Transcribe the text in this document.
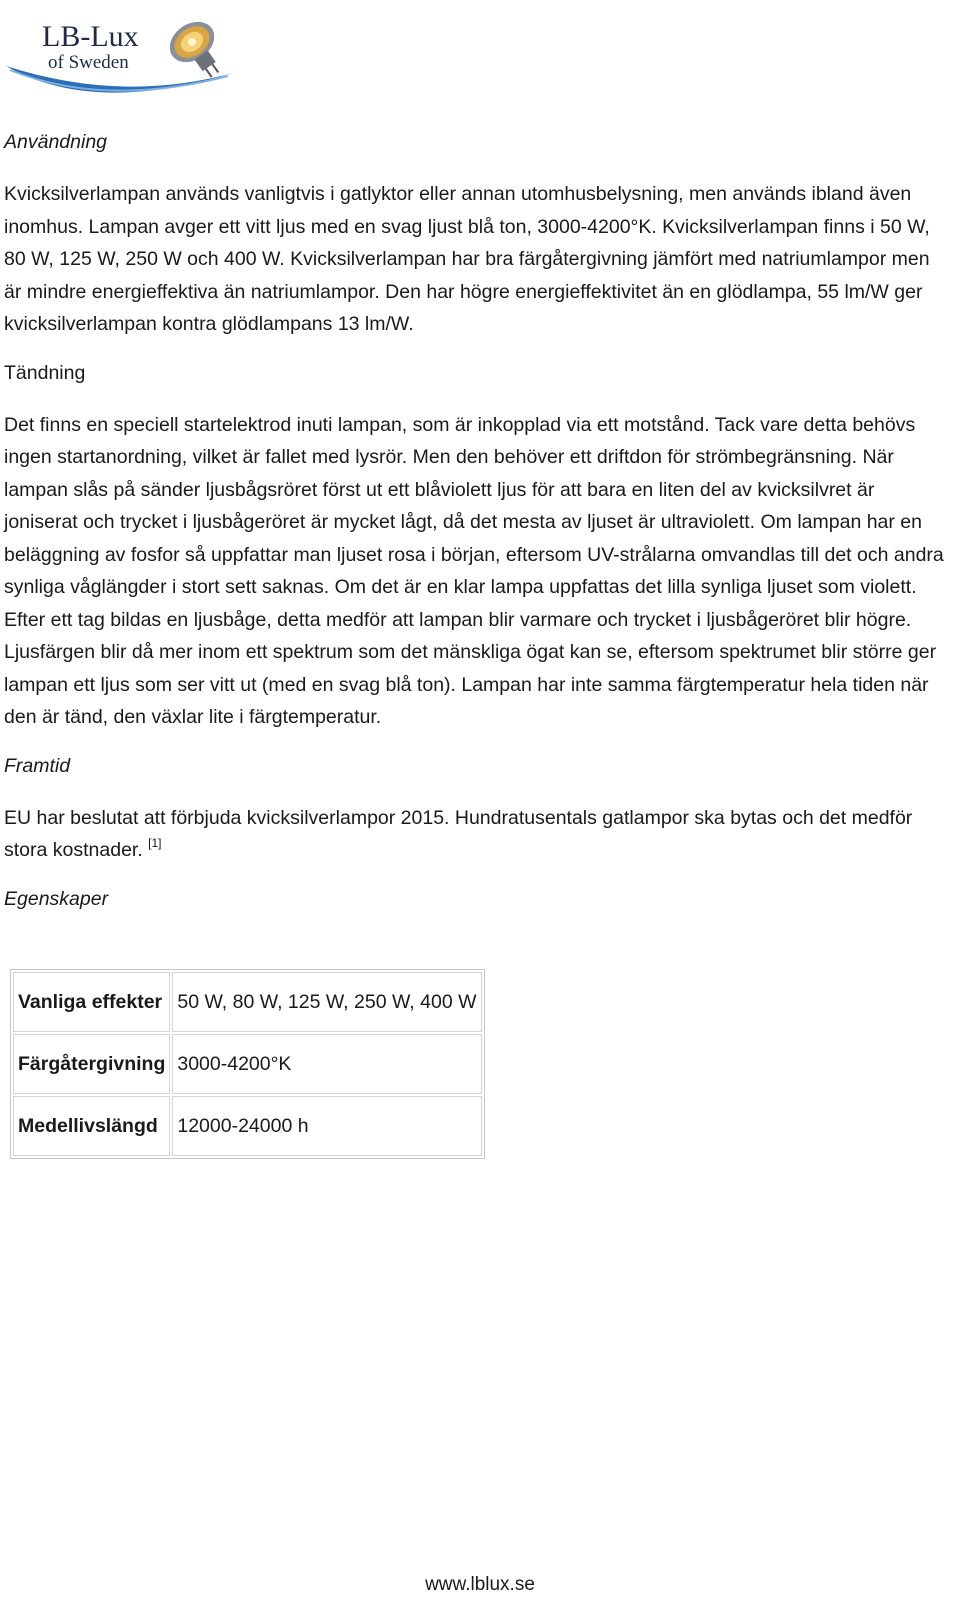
LB-Lux
of Sweden
Användning
Kvicksilverlampan används vanligtvis i gatlyktor eller annan utomhusbelysning, men används ibland även inomhus. Lampan avger ett vitt ljus med en svag ljust blå ton, 3000-4200°K. Kvicksilverlampan finns i 50 W, 80 W, 125 W, 250 W och 400 W. Kvicksilverlampan har bra färgåtergivning jämfört med natriumlampor men är mindre energieffektiva än natriumlampor. Den har högre energieffektivitet än en glödlampa, 55 lm/W ger kvicksilverlampan kontra glödlampans 13 lm/W.
Tändning
Det finns en speciell startelektrod inuti lampan, som är inkopplad via ett motstånd. Tack vare detta behövs ingen startanordning, vilket är fallet med lysrör. Men den behöver ett driftdon för strömbegränsning. När lampan slås på sänder ljusbågsröret först ut ett blåviolett ljus för att bara en liten del av kvicksilvret är joniserat och trycket i ljusbågeröret är mycket lågt, då det mesta av ljuset är ultraviolett. Om lampan har en beläggning av fosfor så uppfattar man ljuset rosa i början, eftersom UV-strålarna omvandlas till det och andra synliga våglängder i stort sett saknas. Om det är en klar lampa uppfattas det lilla synliga ljuset som violett. Efter ett tag bildas en ljusbåge, detta medför att lampan blir varmare och trycket i ljusbågeröret blir högre. Ljusfärgen blir då mer inom ett spektrum som det mänskliga ögat kan se, eftersom spektrumet blir större ger lampan ett ljus som ser vitt ut (med en svag blå ton). Lampan har inte samma färgtemperatur hela tiden när den är tänd, den växlar lite i färgtemperatur.
Framtid
EU har beslutat att förbjuda kvicksilverlampor 2015. Hundratusentals gatlampor ska bytas och det medför stora kostnader. [1]
Egenskaper
Vanliga effekter	50 W, 80 W, 125 W, 250 W, 400 W
Färgåtergivning	3000-4200°K
Medellivslängd	12000-24000 h
www.lblux.se
